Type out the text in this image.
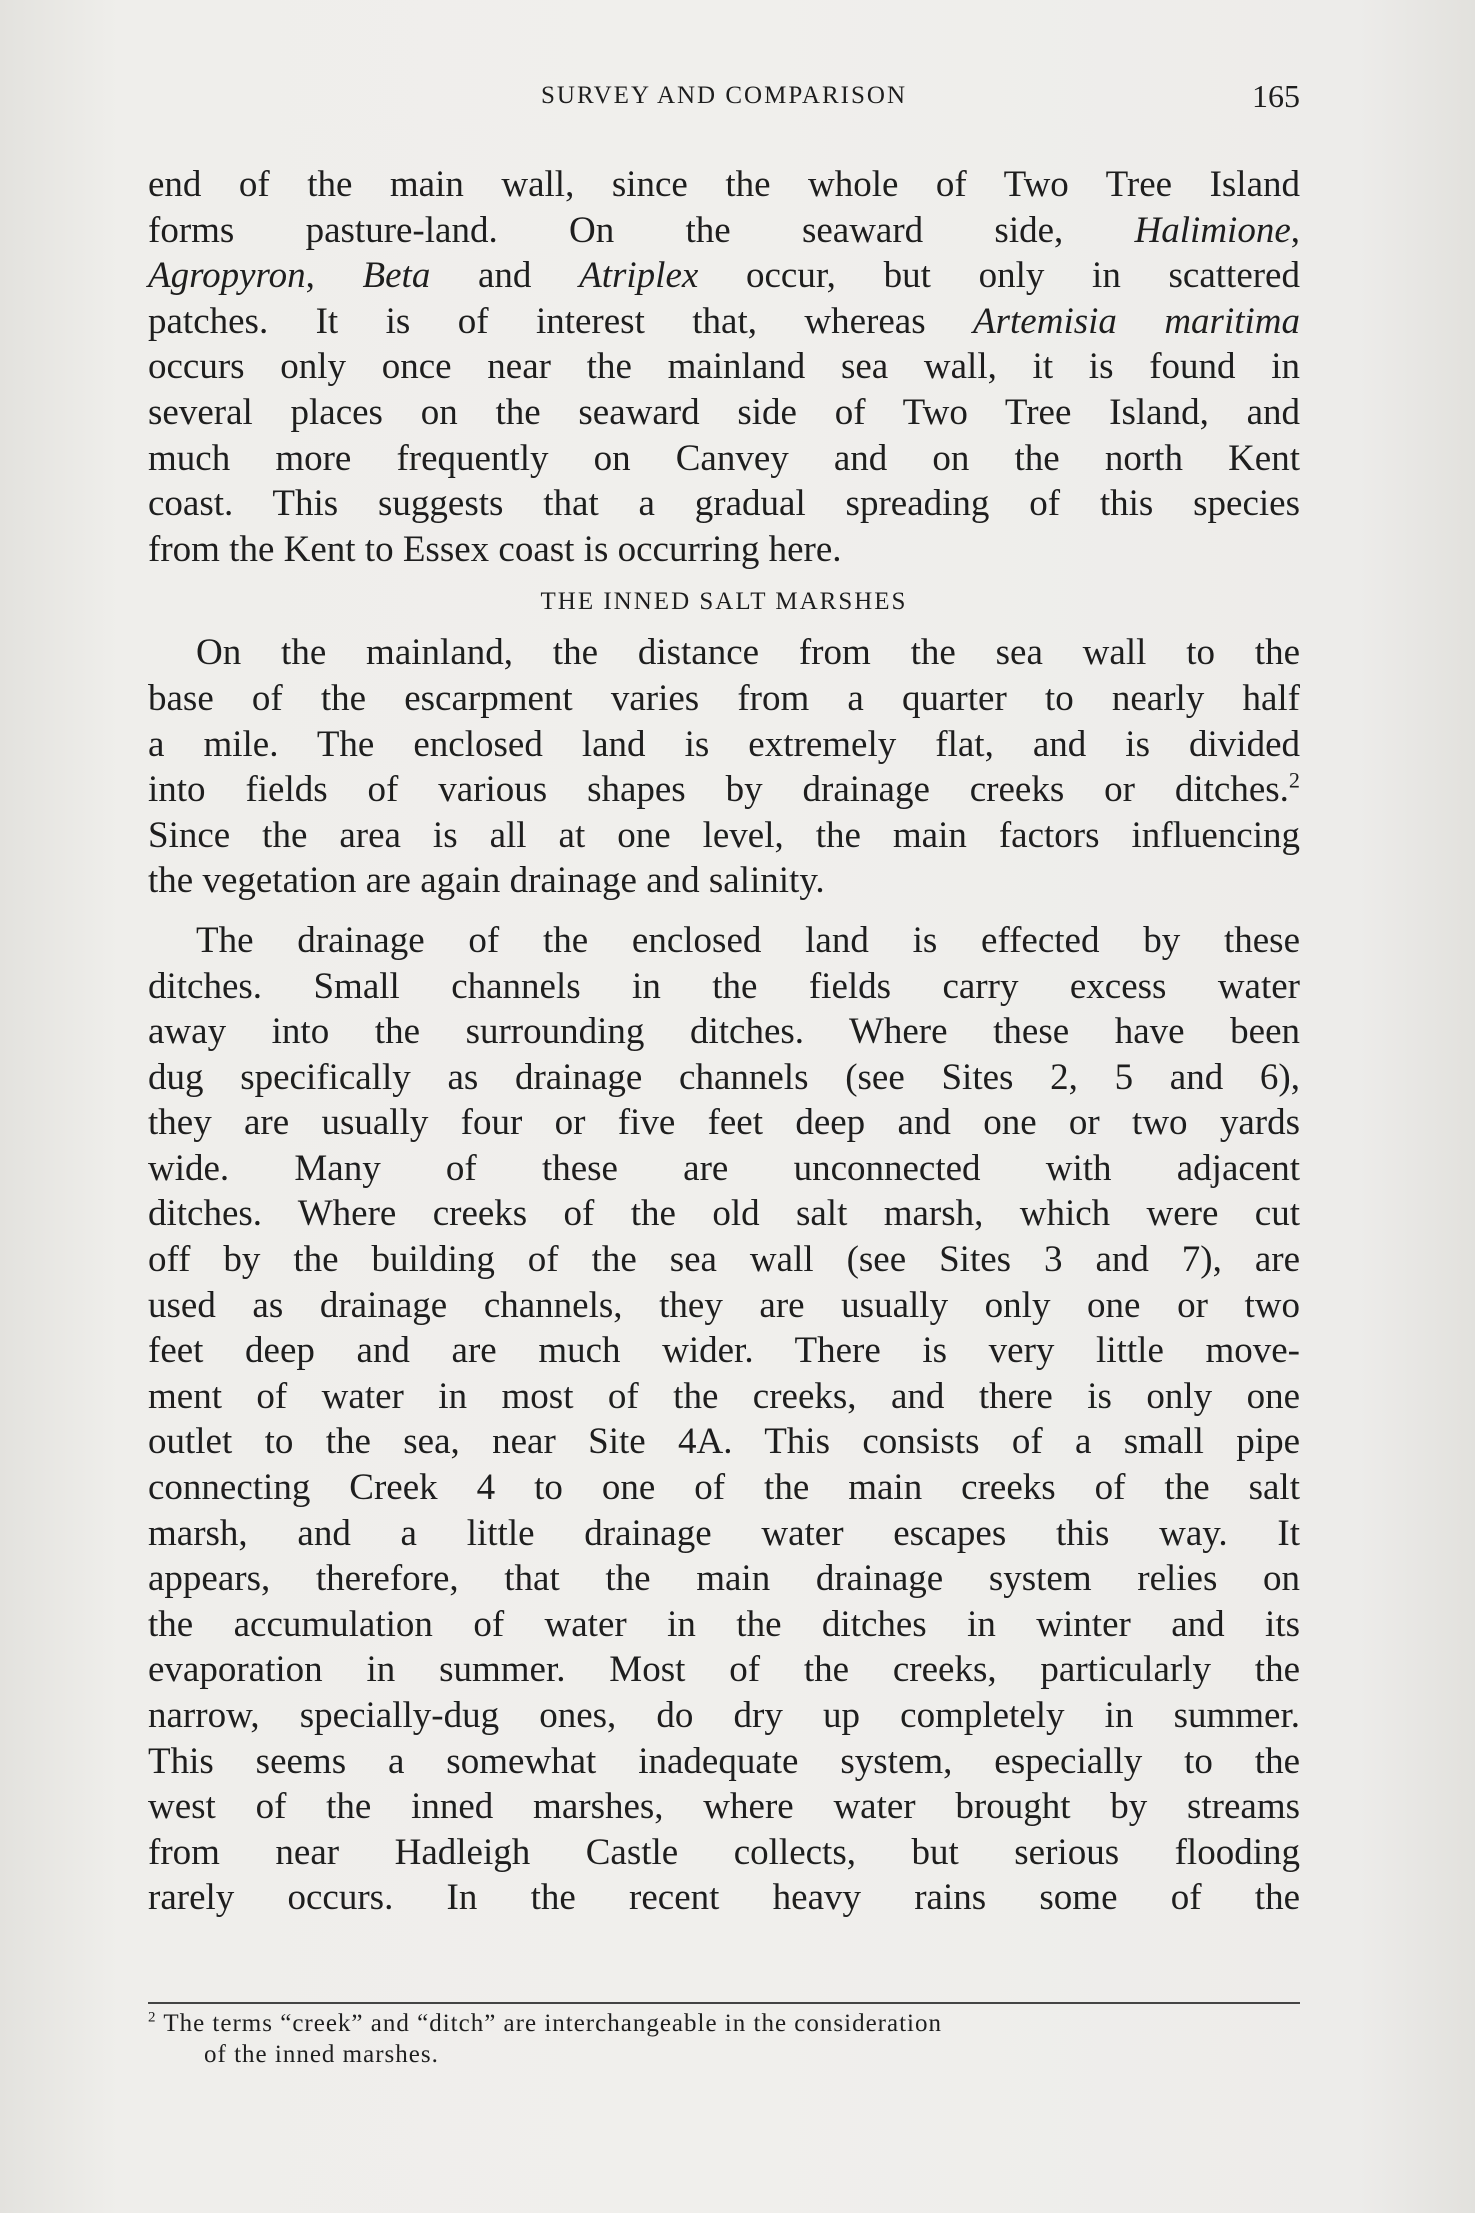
SURVEY AND COMPARISON	165
end of the main wall, since the whole of Two Tree Island
forms pasture-land. On the seaward side, Halimione,
Agropyron, Beta and Atriplex occur, but only in scattered
patches. It is of interest that, whereas Artemisia maritima
occurs only once near the mainland sea wall, it is found in
several places on the seaward side of Two Tree Island, and
much more frequently on Canvey and on the north Kent
coast. This suggests that a gradual spreading of this species
from the Kent to Essex coast is occurring here.
THE INNED SALT MARSHES
On the mainland, the distance from the sea wall to the
base of the escarpment varies from a quarter to nearly half
a mile. The enclosed land is extremely flat, and is divided
into fields of various shapes by drainage creeks or ditches.$^2$
Since the area is all at one level, the main factors influencing
the vegetation are again drainage and salinity.
The drainage of the enclosed land is effected by these
ditches. Small channels in the fields carry excess water
away into the surrounding ditches. Where these have been
dug specifically as drainage channels (see Sites 2, 5 and 6),
they are usually four or five feet deep and one or two yards
wide. Many of these are unconnected with adjacent
ditches. Where creeks of the old salt marsh, which were cut
off by the building of the sea wall (see Sites 3 and 7), are
used as drainage channels, they are usually only one or two
feet deep and are much wider. There is very little move-
ment of water in most of the creeks, and there is only one
outlet to the sea, near Site 4A. This consists of a small pipe
connecting Creek 4 to one of the main creeks of the salt
marsh, and a little drainage water escapes this way. It
appears, therefore, that the main drainage system relies on
the accumulation of water in the ditches in winter and its
evaporation in summer. Most of the creeks, particularly the
narrow, specially-dug ones, do dry up completely in summer.
This seems a somewhat inadequate system, especially to the
west of the inned marshes, where water brought by streams
from near Hadleigh Castle collects, but serious flooding
rarely occurs. In the recent heavy rains some of the
$^2$ The terms “creek” and “ditch” are interchangeable in the consideration
of the inned marshes.
